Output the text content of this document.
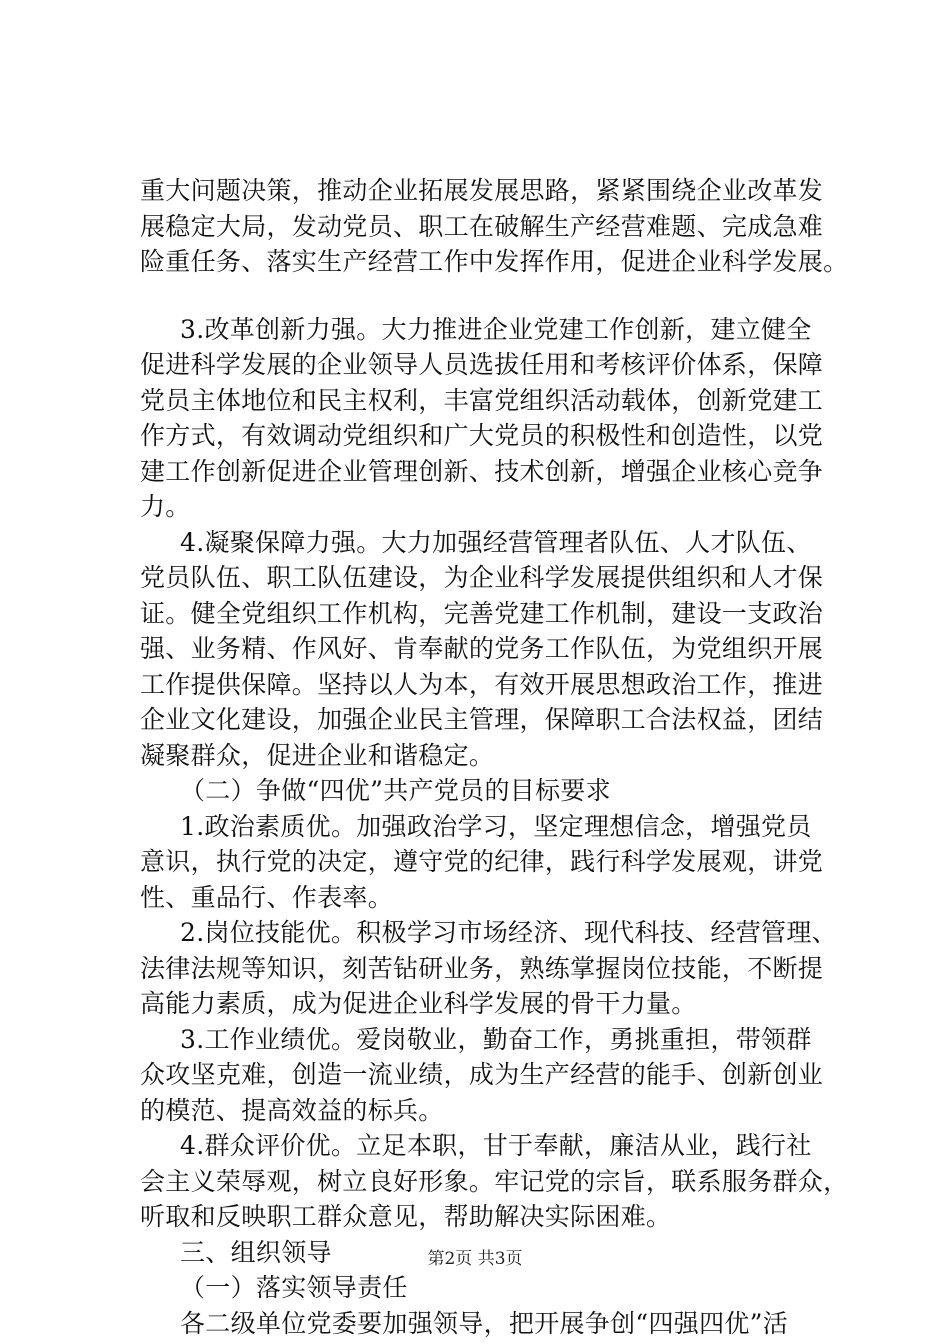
重大问题决策，推动企业拓展发展思路，紧紧围绕企业改革发
展稳定大局，发动党员、职工在破解生产经营难题、完成急难
险重任务、落实生产经营工作中发挥作用，促进企业科学发展。
3.改革创新力强。大力推进企业党建工作创新，建立健全
促进科学发展的企业领导人员选拔任用和考核评价体系，保障
党员主体地位和民主权利，丰富党组织活动载体，创新党建工
作方式，有效调动党组织和广大党员的积极性和创造性，以党
建工作创新促进企业管理创新、技术创新，增强企业核心竞争
力。
4.凝聚保障力强。大力加强经营管理者队伍、人才队伍、
党员队伍、职工队伍建设，为企业科学发展提供组织和人才保
证。健全党组织工作机构，完善党建工作机制，建设一支政治
强、业务精、作风好、肯奉献的党务工作队伍，为党组织开展
工作提供保障。坚持以人为本，有效开展思想政治工作，推进
企业文化建设，加强企业民主管理，保障职工合法权益，团结
凝聚群众，促进企业和谐稳定。
（二）争做“四优”共产党员的目标要求
1.政治素质优。加强政治学习，坚定理想信念，增强党员
意识，执行党的决定，遵守党的纪律，践行科学发展观，讲党
性、重品行、作表率。
2.岗位技能优。积极学习市场经济、现代科技、经营管理、
法律法规等知识，刻苦钻研业务，熟练掌握岗位技能，不断提
高能力素质，成为促进企业科学发展的骨干力量。
3.工作业绩优。爱岗敬业，勤奋工作，勇挑重担，带领群
众攻坚克难，创造一流业绩，成为生产经营的能手、创新创业
的模范、提高效益的标兵。
4.群众评价优。立足本职，甘于奉献，廉洁从业，践行社
会主义荣辱观，树立良好形象。牢记党的宗旨，联系服务群众，
听取和反映职工群众意见，帮助解决实际困难。
三、组织领导
（一）落实领导责任
各二级单位党委要加强领导，把开展争创“四强四优”活
第2页 共3页
